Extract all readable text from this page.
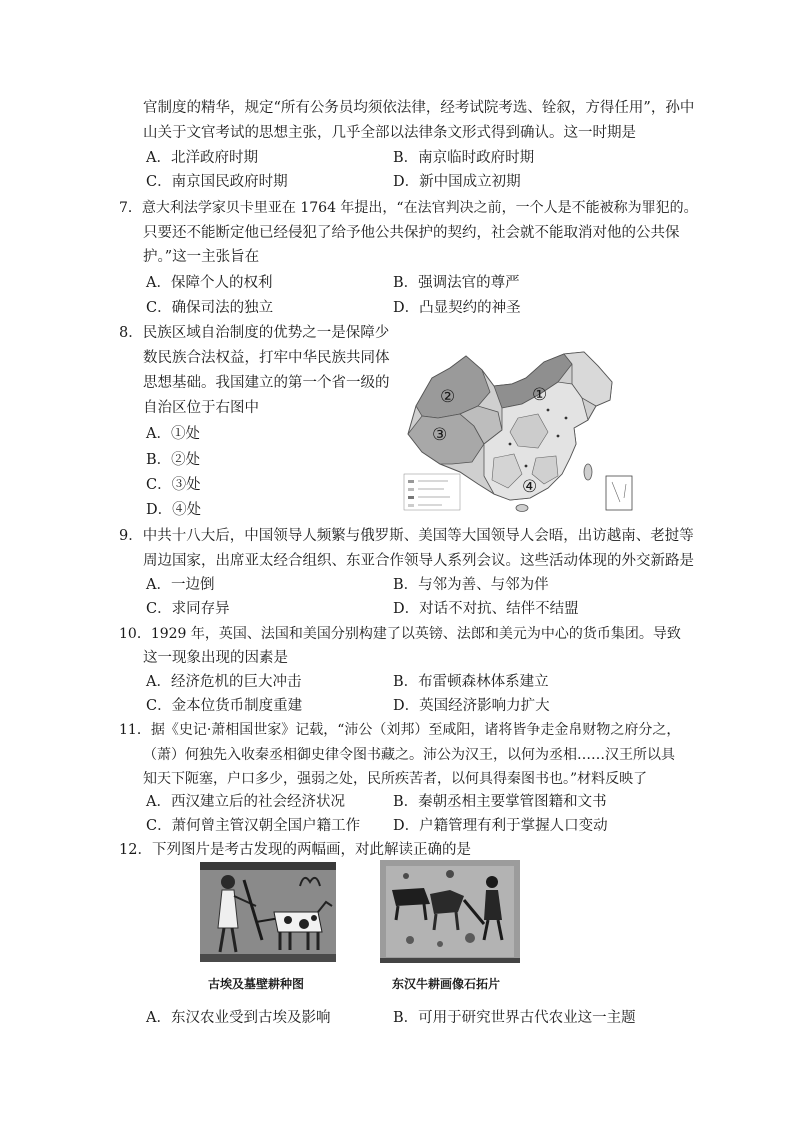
官制度的精华，规定“所有公务员均须依法律，经考试院考选、铨叙，方得任用”，孙中
山关于文官考试的思想主张，几乎全部以法律条文形式得到确认。这一时期是
A．北洋政府时期	B．南京临时政府时期
C．南京国民政府时期	D．新中国成立初期
7．意大利法学家贝卡里亚在 1764 年提出，“在法官判决之前，一个人是不能被称为罪犯的。
只要还不能断定他已经侵犯了给予他公共保护的契约，社会就不能取消对他的公共保
护。”这一主张旨在
A．保障个人的权利	B．强调法官的尊严
C．确保司法的独立	D．凸显契约的神圣
8．民族区域自治制度的优势之一是保障少
数民族合法权益，打牢中华民族共同体
思想基础。我国建立的第一个省一级的
自治区位于右图中
A．①处
B．②处
C．③处
D．④处
①
②
③
④
9．中共十八大后，中国领导人频繁与俄罗斯、美国等大国领导人会晤，出访越南、老挝等
周边国家，出席亚太经合组织、东亚合作领导人系列会议。这些活动体现的外交新路是
A．一边倒	B．与邻为善、与邻为伴
C．求同存异	D．对话不对抗、结伴不结盟
10．1929 年，英国、法国和美国分别构建了以英镑、法郎和美元为中心的货币集团。导致
这一现象出现的因素是
A．经济危机的巨大冲击	B．布雷顿森林体系建立
C．金本位货币制度重建	D．英国经济影响力扩大
11．据《史记·萧相国世家》记载，“沛公（刘邦）至咸阳，诸将皆争走金帛财物之府分之，
（萧）何独先入收秦丞相御史律令图书藏之。沛公为汉王，以何为丞相……汉王所以具
知天下阨塞，户口多少，强弱之处，民所疾苦者，以何具得秦图书也。”材料反映了
A．西汉建立后的社会经济状况	B．秦朝丞相主要掌管图籍和文书
C．萧何曾主管汉朝全国户籍工作 D．户籍管理有利于掌握人口变动
12．下列图片是考古发现的两幅画，对此解读正确的是
古埃及墓壁耕种图	东汉牛耕画像石拓片
A．东汉农业受到古埃及影响	B．可用于研究世界古代农业这一主题
